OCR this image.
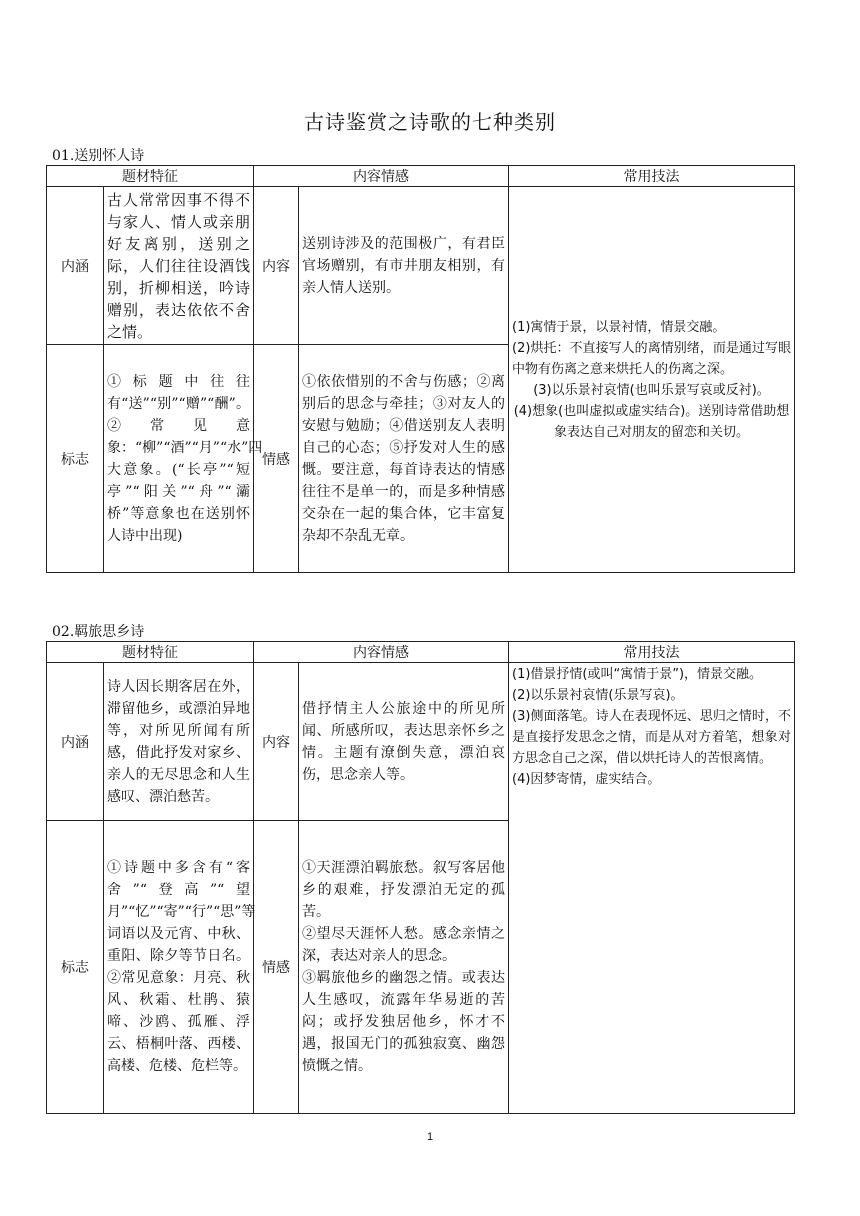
古诗鉴赏之诗歌的七种类别
01.送别怀人诗
题材特征		内容情感		常用技法
内涵	古人常常因事不得不与家人、情人或亲朋好友离别，送别之际，人们往往设酒饯别，折柳相送，吟诗赠别，表达依依不舍之情。	内容	送别诗涉及的范围极广，有君臣官场赠别，有市井朋友相别，有亲人情人送别。	(1)寓情于景，以景衬情，情景交融。

(2)烘托：不直接写人的离情别绪，而是通过写眼中物有伤离之意来烘托人的伤离之深。

(3)以乐景衬哀情(也叫乐景写哀或反衬)。

(4)想象(也叫虚拟或虚实结合)。送别诗常借助想象表达自己对朋友的留恋和关切。

标志	①标题中往往有“送”“别”“赠”“酬”。②常见意象：“柳”“酒”“月”“水”四大意象。(“长亭”“短亭”“阳关”“舟”“灞桥”等意象也在送别怀人诗中出现)	情感	①依依惜别的不舍与伤感；②离别后的思念与牵挂；③对友人的安慰与勉励；④借送别友人表明自己的心态；⑤抒发对人生的感慨。要注意，每首诗表达的情感往往不是单一的，而是多种情感交杂在一起的集合体，它丰富复杂却不杂乱无章。	
02.羁旅思乡诗
题材特征		内容情感		常用技法
内涵	诗人因长期客居在外，滞留他乡，或漂泊异地等，对所见所闻有所感，借此抒发对家乡、亲人的无尽思念和人生感叹、漂泊愁苦。	内容	借抒情主人公旅途中的所见所闻、所感所叹，表达思亲怀乡之情。主题有潦倒失意，漂泊哀伤，思念亲人等。	(1)借景抒情(或叫“寓情于景”)，情景交融。

(2)以乐景衬哀情(乐景写哀)。

(3)侧面落笔。诗人在表现怀远、思归之情时，不是直接抒发思念之情，而是从对方着笔，想象对方思念自己之深，借以烘托诗人的苦恨离情。

(4)因梦寄情，虚实结合。

标志	①诗题中多含有“客舍”“登高”“望月”“忆”“寄”“行”“思”等词语以及元宵、中秋、重阳、除夕等节日名。②常见意象：月亮、秋风、秋霜、杜鹃、猿啼、沙鸥、孤雁、浮云、梧桐叶落、西楼、高楼、危楼、危栏等。	情感	①天涯漂泊羁旅愁。叙写客居他乡的艰难，抒发漂泊无定的孤苦。
②望尽天涯怀人愁。感念亲情之深，表达对亲人的思念。
③羁旅他乡的幽怨之情。或表达人生感叹，流露年华易逝的苦闷；或抒发独居他乡，怀才不遇，报国无门的孤独寂寞、幽怨愤慨之情。	
1
